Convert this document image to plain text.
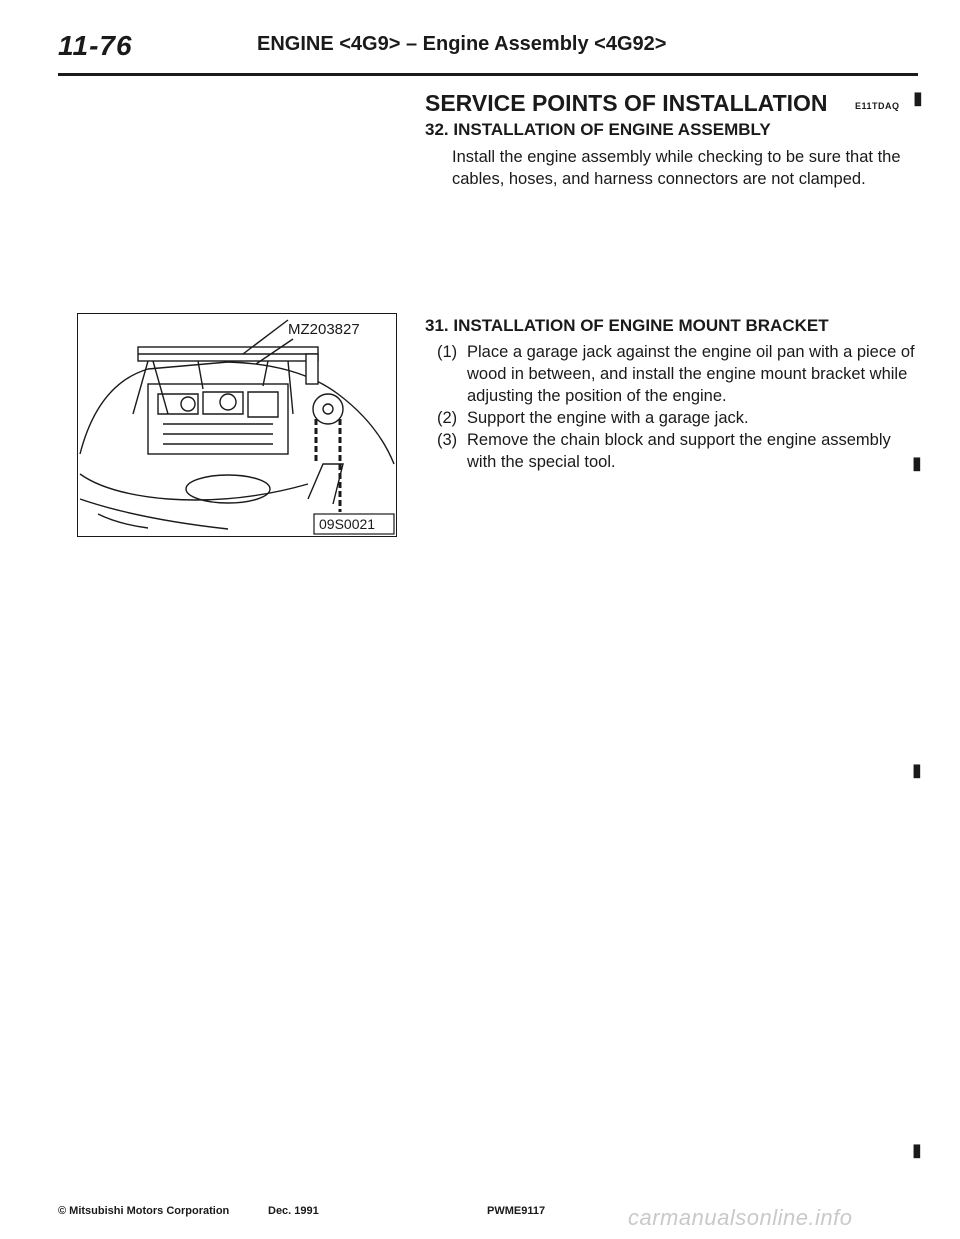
11-76	ENGINE <4G9> – Engine Assembly <4G92>
SERVICE POINTS OF INSTALLATION	E11TDAQ ▮
32. INSTALLATION OF ENGINE ASSEMBLY
Install the engine assembly while checking to be sure that the cables, hoses, and harness connectors are not clamped.
31. INSTALLATION OF ENGINE MOUNT BRACKET
(1) Place a garage jack against the engine oil pan with a piece of wood in between, and install the engine mount bracket while adjusting the position of the engine.
(2) Support the engine with a garage jack.
(3) Remove the chain block and support the engine assembly with the special tool.	▮
MZ203827
09S0021
▮
▮
© Mitsubishi Motors Corporation	Dec. 1991	PWME9117	carmanualsonline.info
